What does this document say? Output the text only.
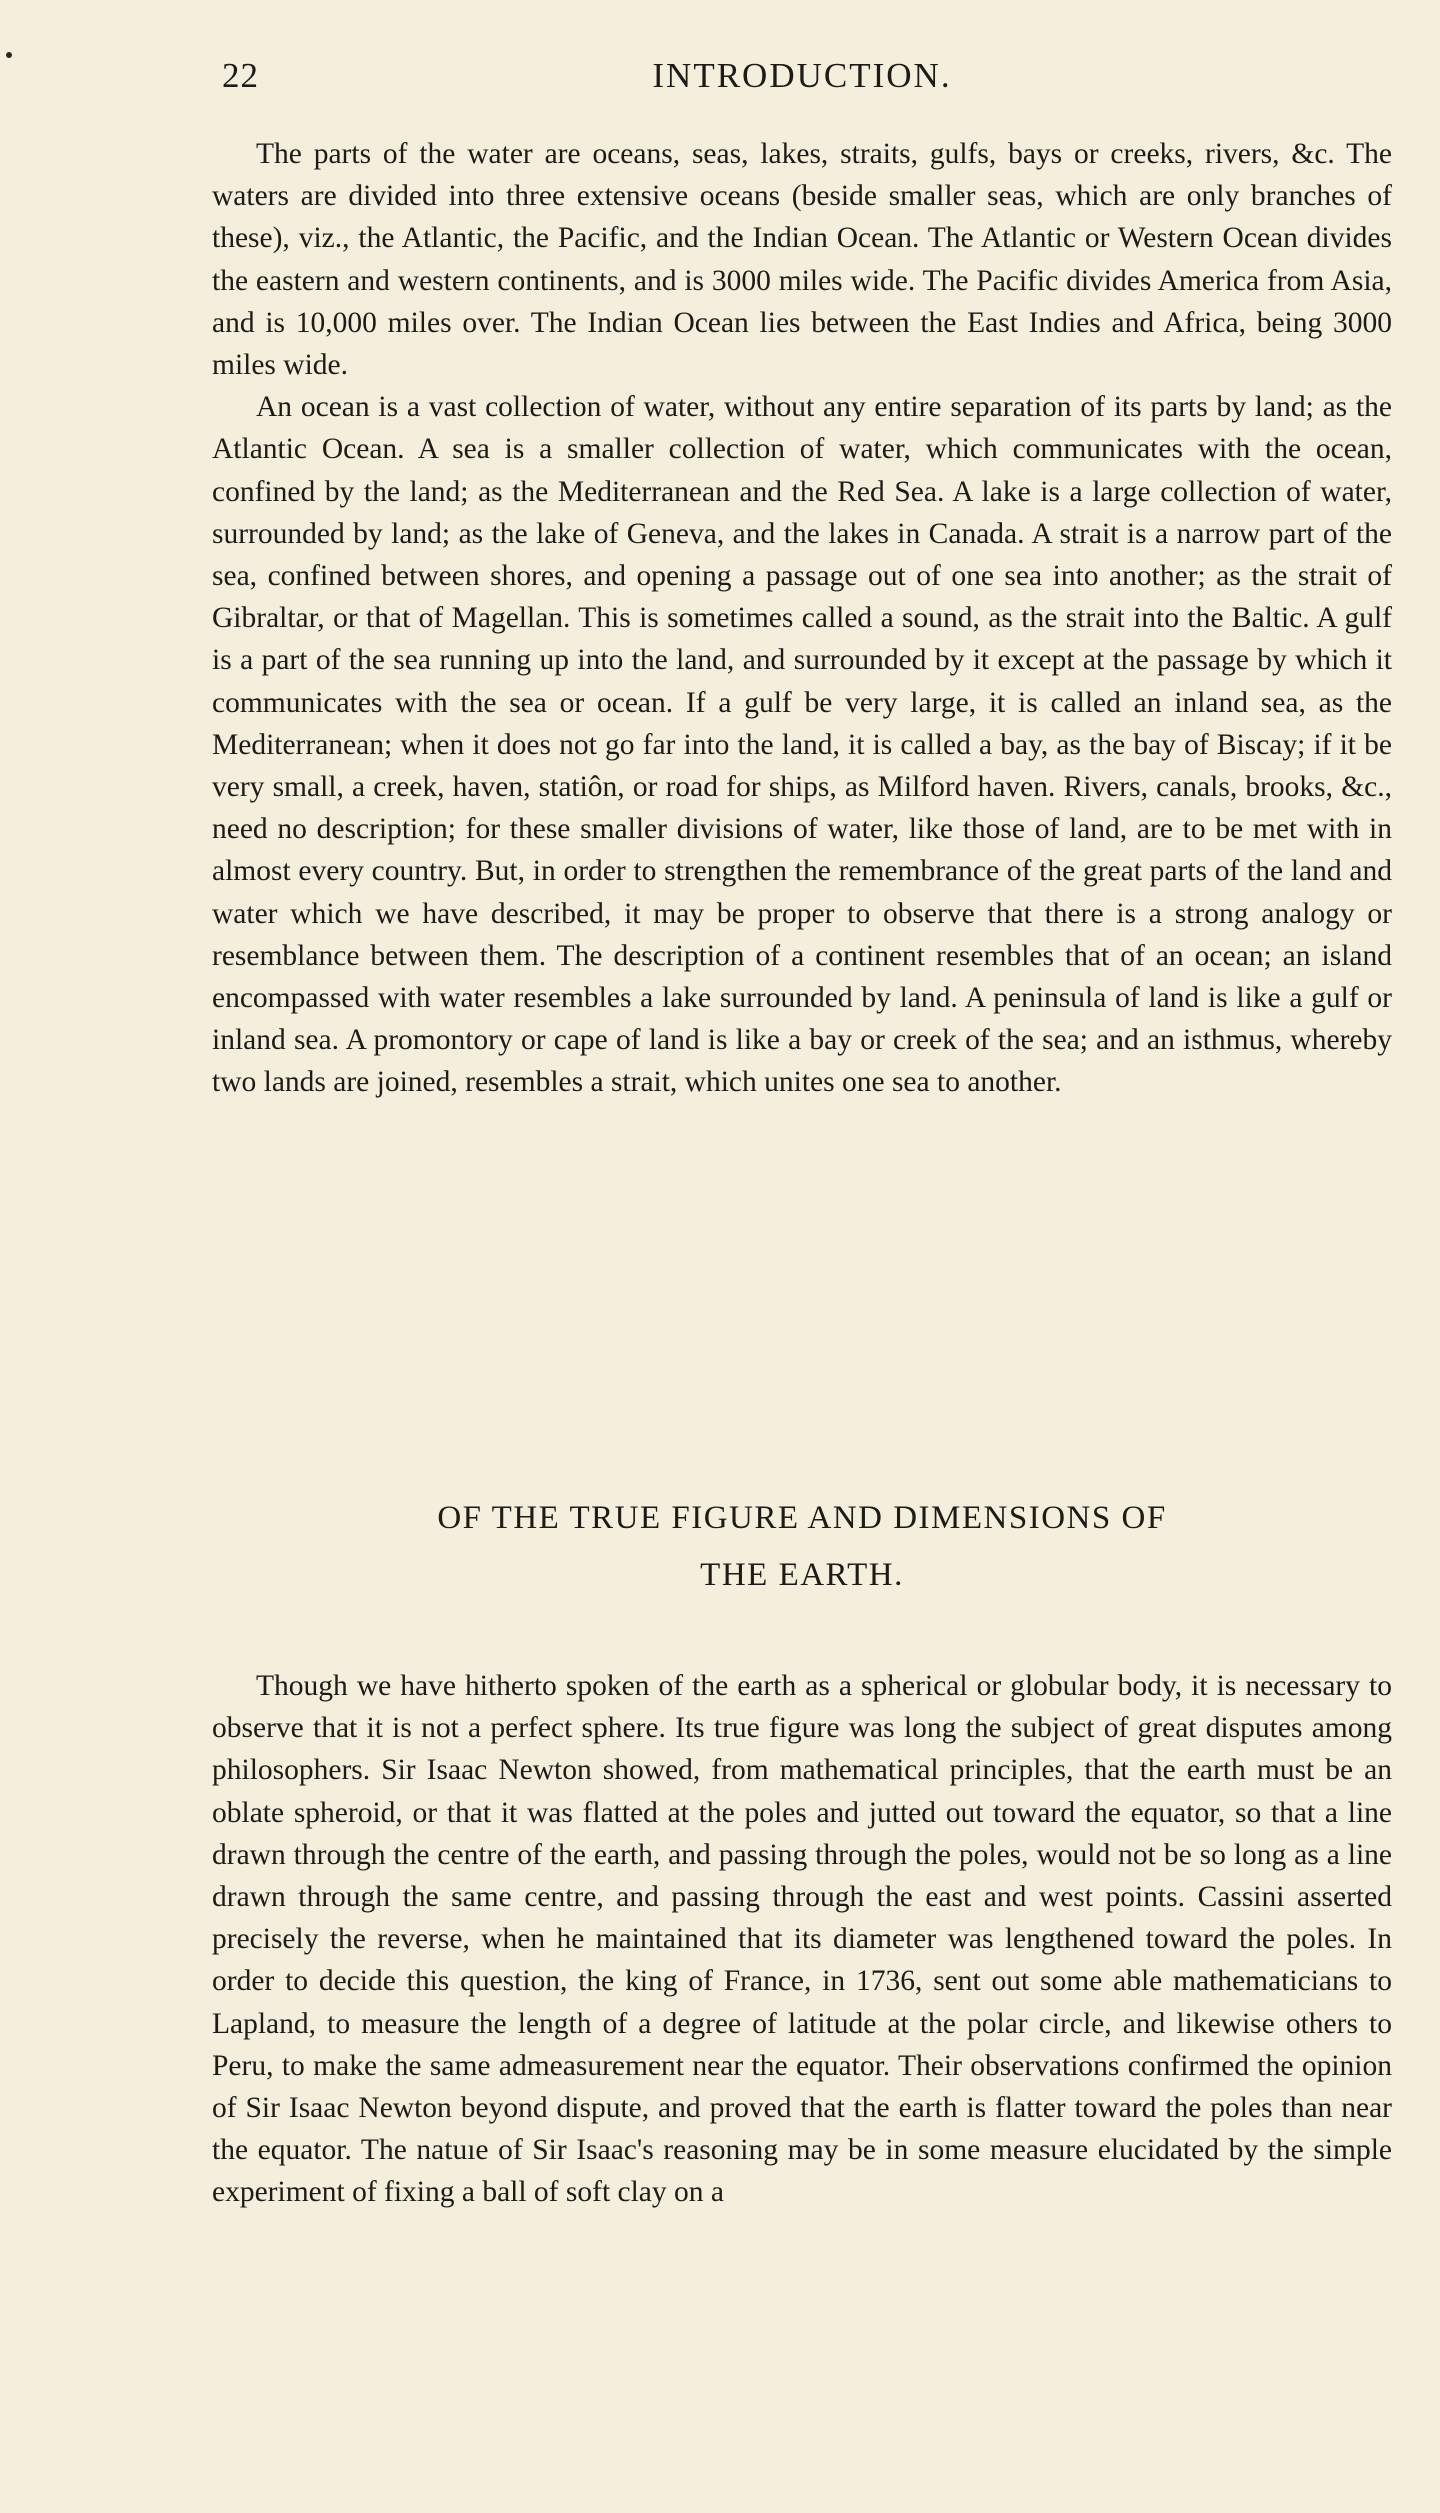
22	INTRODUCTION.

The parts of the water are oceans, seas, lakes, straits, gulfs, bays or creeks, rivers, &c. The waters are divided into three extensive oceans (beside smaller seas, which are only branches of these), viz., the Atlantic, the Pacific, and the Indian Ocean. The Atlantic or Western Ocean divides the eastern and western continents, and is 3000 miles wide. The Pacific divides America from Asia, and is 10,000 miles over. The Indian Ocean lies between the East Indies and Africa, being 3000 miles wide.

An ocean is a vast collection of water, without any entire separation of its parts by land; as the Atlantic Ocean. A sea is a smaller collection of water, which communicates with the ocean, confined by the land; as the Mediterranean and the Red Sea. A lake is a large collection of water, surrounded by land; as the lake of Geneva, and the lakes in Canada. A strait is a narrow part of the sea, confined between shores, and opening a passage out of one sea into another; as the strait of Gibraltar, or that of Magellan. This is sometimes called a sound, as the strait into the Baltic. A gulf is a part of the sea running up into the land, and surrounded by it except at the passage by which it communicates with the sea or ocean. If a gulf be very large, it is called an inland sea, as the Mediterranean; when it does not go far into the land, it is called a bay, as the bay of Biscay; if it be very small, a creek, haven, statiôn, or road for ships, as Milford haven. Rivers, canals, brooks, &c., need no description; for these smaller divisions of water, like those of land, are to be met with in almost every country. But, in order to strengthen the remembrance of the great parts of the land and water which we have described, it may be proper to observe that there is a strong analogy or resemblance between them. The description of a continent resembles that of an ocean; an island encompassed with water resembles a lake surrounded by land. A peninsula of land is like a gulf or inland sea. A promontory or cape of land is like a bay or creek of the sea; and an isthmus, whereby two lands are joined, resembles a strait, which unites one sea to another.

OF THE TRUE FIGURE AND DIMENSIONS OF
THE EARTH.

Though we have hitherto spoken of the earth as a spherical or globular body, it is necessary to observe that it is not a perfect sphere. Its true figure was long the subject of great disputes among philosophers. Sir Isaac Newton showed, from mathematical principles, that the earth must be an oblate spheroid, or that it was flatted at the poles and jutted out toward the equator, so that a line drawn through the centre of the earth, and passing through the poles, would not be so long as a line drawn through the same centre, and passing through the east and west points. Cassini asserted precisely the reverse, when he maintained that its diameter was lengthened toward the poles. In order to decide this question, the king of France, in 1736, sent out some able mathematicians to Lapland, to measure the length of a degree of latitude at the polar circle, and likewise others to Peru, to make the same admeasurement near the equator. Their observations confirmed the opinion of Sir Isaac Newton beyond dispute, and proved that the earth is flatter toward the poles than near the equator. The natuıe of Sir Isaac's reasoning may be in some measure elucidated by the simple experiment of fixing a ball of soft clay on a
